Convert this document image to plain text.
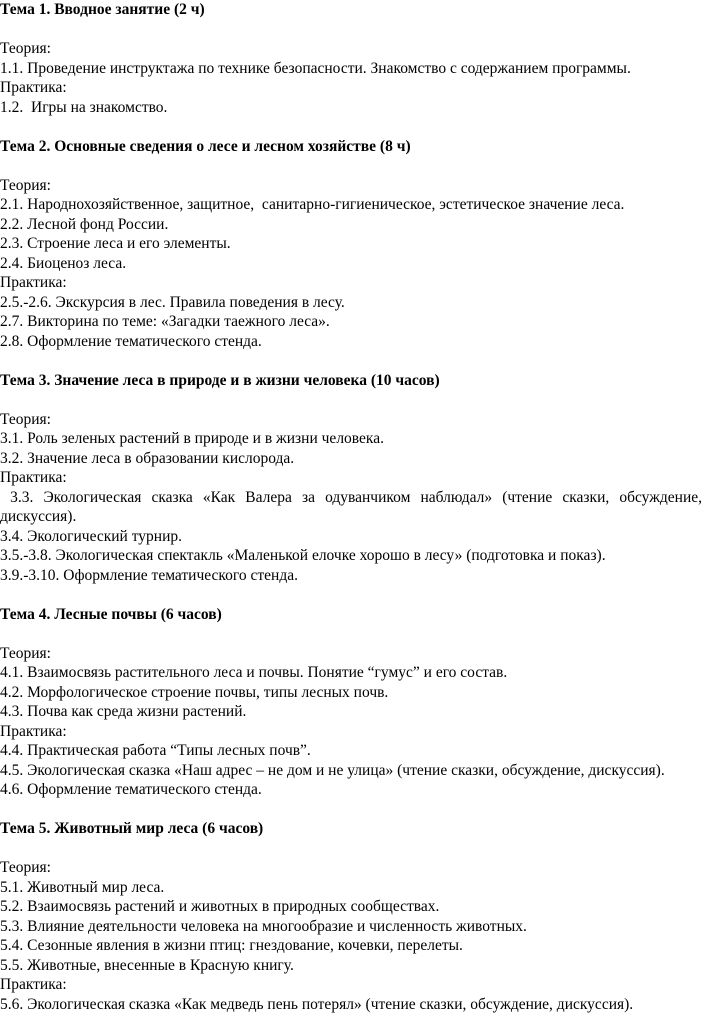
Тема 1. Вводное занятие (2 ч)

Теория:

1.1. Проведение инструктажа по технике безопасности. Знакомство с содержанием программы.

Практика:

1.2.  Игры на знакомство.

Тема 2. Основные сведения о лесе и лесном хозяйстве (8 ч)

Теория:

2.1. Народнохозяйственное, защитное,  санитарно-гигиеническое, эстетическое значение леса.

2.2. Лесной фонд России.

2.3. Строение леса и его элементы.

2.4. Биоценоз леса.

Практика:

2.5.-2.6. Экскурсия в лес. Правила поведения в лесу.

2.7. Викторина по теме: «Загадки таежного леса».

2.8. Оформление тематического стенда.

Тема 3. Значение леса в природе и в жизни человека (10 часов)

Теория:

3.1. Роль зеленых растений в природе и в жизни человека.

3.2. Значение леса в образовании кислорода.

Практика:

3.3. Экологическая сказка «Как Валера за одуванчиком наблюдал» (чтение сказки, обсуждение, дискуссия).

3.4. Экологический турнир.

3.5.-3.8. Экологическая спектакль «Маленькой елочке хорошо в лесу» (подготовка и показ).

3.9.-3.10. Оформление тематического стенда.

Тема 4. Лесные почвы (6 часов)

Теория:

4.1. Взаимосвязь растительного леса и почвы. Понятие “гумус” и его состав.

4.2. Морфологическое строение почвы, типы лесных почв.

4.3. Почва как среда жизни растений.

Практика:

4.4. Практическая работа “Типы лесных почв”.

4.5. Экологическая сказка «Наш адрес – не дом и не улица» (чтение сказки, обсуждение, дискуссия).

4.6. Оформление тематического стенда.

Тема 5. Животный мир леса (6 часов)

Теория:

5.1. Животный мир леса.

5.2. Взаимосвязь растений и животных в природных сообществах.

5.3. Влияние деятельности человека на многообразие и численность животных.

5.4. Сезонные явления в жизни птиц: гнездование, кочевки, перелеты.

5.5. Животные, внесенные в Красную книгу.

Практика:

5.6. Экологическая сказка «Как медведь пень потерял» (чтение сказки, обсуждение, дискуссия).
